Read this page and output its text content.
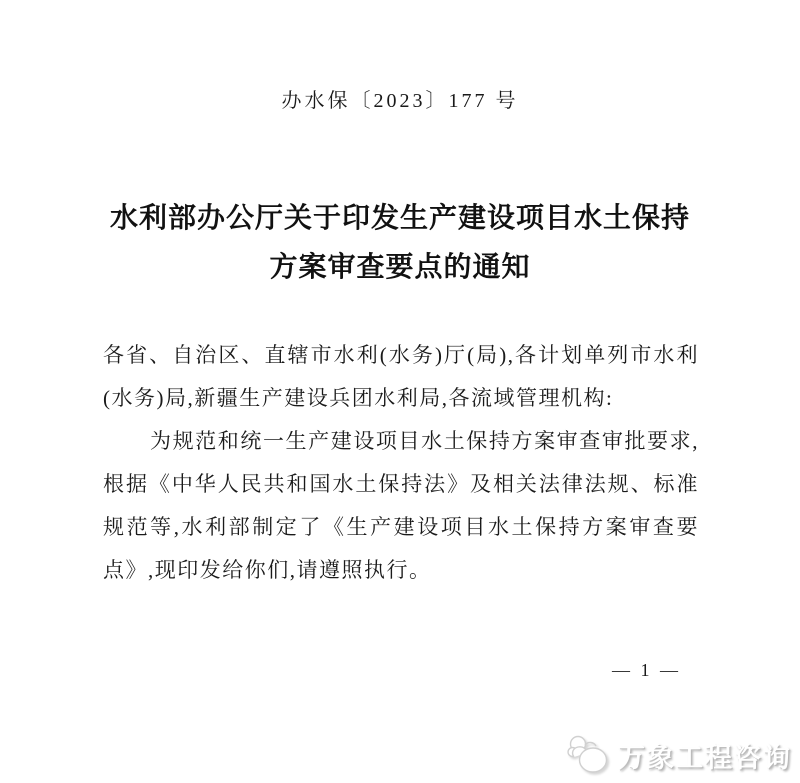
办水保〔2023〕177 号
水利部办公厅关于印发生产建设项目水土保持
方案审查要点的通知

各省、自治区、直辖市水利(水务)厅(局),各计划单列市水利(水务)局,新疆生产建设兵团水利局,各流域管理机构:

为规范和统一生产建设项目水土保持方案审查审批要求,根据《中华人民共和国水土保持法》及相关法律法规、标准规范等,水利部制定了《生产建设项目水土保持方案审查要点》,现印发给你们,请遵照执行。

— 1 —
万象工程咨询
